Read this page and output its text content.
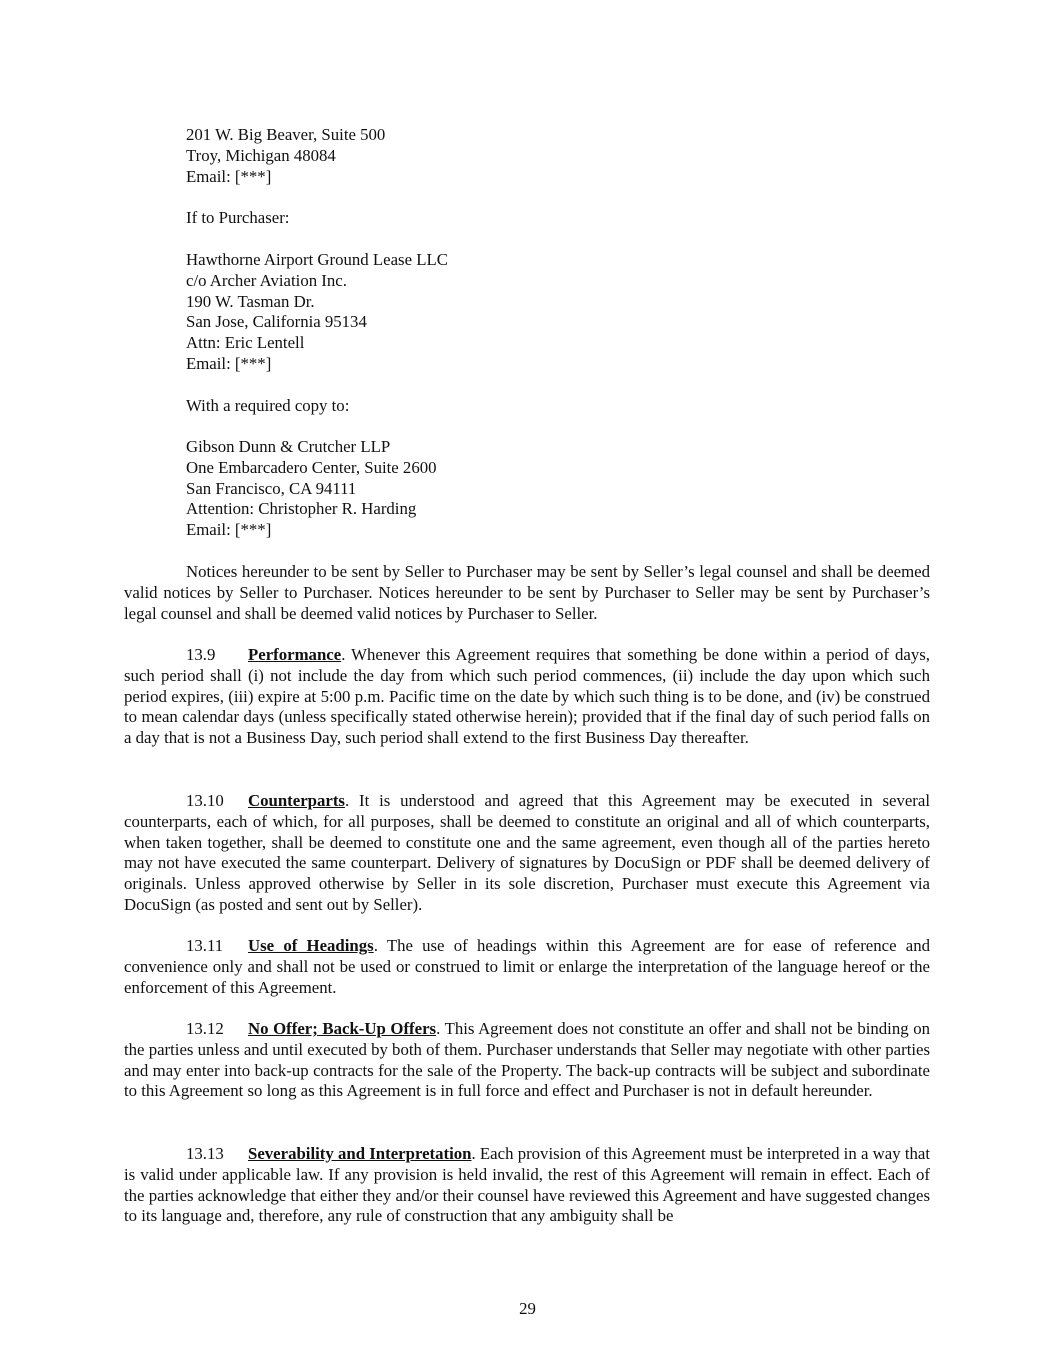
201 W. Big Beaver, Suite 500
Troy, Michigan 48084
Email: [***]
If to Purchaser:
Hawthorne Airport Ground Lease LLC
c/o Archer Aviation Inc.
190 W. Tasman Dr.
San Jose, California 95134
Attn: Eric Lentell
Email: [***]
With a required copy to:
Gibson Dunn & Crutcher LLP
One Embarcadero Center, Suite 2600
San Francisco, CA 94111
Attention: Christopher R. Harding
Email: [***]

Notices hereunder to be sent by Seller to Purchaser may be sent by Seller’s legal counsel and shall be deemed valid notices by Seller to Purchaser. Notices hereunder to be sent by Purchaser to Seller may be sent by Purchaser’s legal counsel and shall be deemed valid notices by Purchaser to Seller.

13.9 Performance. Whenever this Agreement requires that something be done within a period of days, such period shall (i) not include the day from which such period commences, (ii) include the day upon which such period expires, (iii) expire at 5:00 p.m. Pacific time on the date by which such thing is to be done, and (iv) be construed to mean calendar days (unless specifically stated otherwise herein); provided that if the final day of such period falls on a day that is not a Business Day, such period shall extend to the first Business Day thereafter.

13.10 Counterparts. It is understood and agreed that this Agreement may be executed in several counterparts, each of which, for all purposes, shall be deemed to constitute an original and all of which counterparts, when taken together, shall be deemed to constitute one and the same agreement, even though all of the parties hereto may not have executed the same counterpart. Delivery of signatures by DocuSign or PDF shall be deemed delivery of originals. Unless approved otherwise by Seller in its sole discretion, Purchaser must execute this Agreement via DocuSign (as posted and sent out by Seller).

13.11 Use of Headings. The use of headings within this Agreement are for ease of reference and convenience only and shall not be used or construed to limit or enlarge the interpretation of the language hereof or the enforcement of this Agreement.

13.12 No Offer; Back-Up Offers. This Agreement does not constitute an offer and shall not be binding on the parties unless and until executed by both of them. Purchaser understands that Seller may negotiate with other parties and may enter into back-up contracts for the sale of the Property. The back-up contracts will be subject and subordinate to this Agreement so long as this Agreement is in full force and effect and Purchaser is not in default hereunder.

13.13 Severability and Interpretation. Each provision of this Agreement must be interpreted in a way that is valid under applicable law. If any provision is held invalid, the rest of this Agreement will remain in effect. Each of the parties acknowledge that either they and/or their counsel have reviewed this Agreement and have suggested changes to its language and, therefore, any rule of construction that any ambiguity shall be

29
